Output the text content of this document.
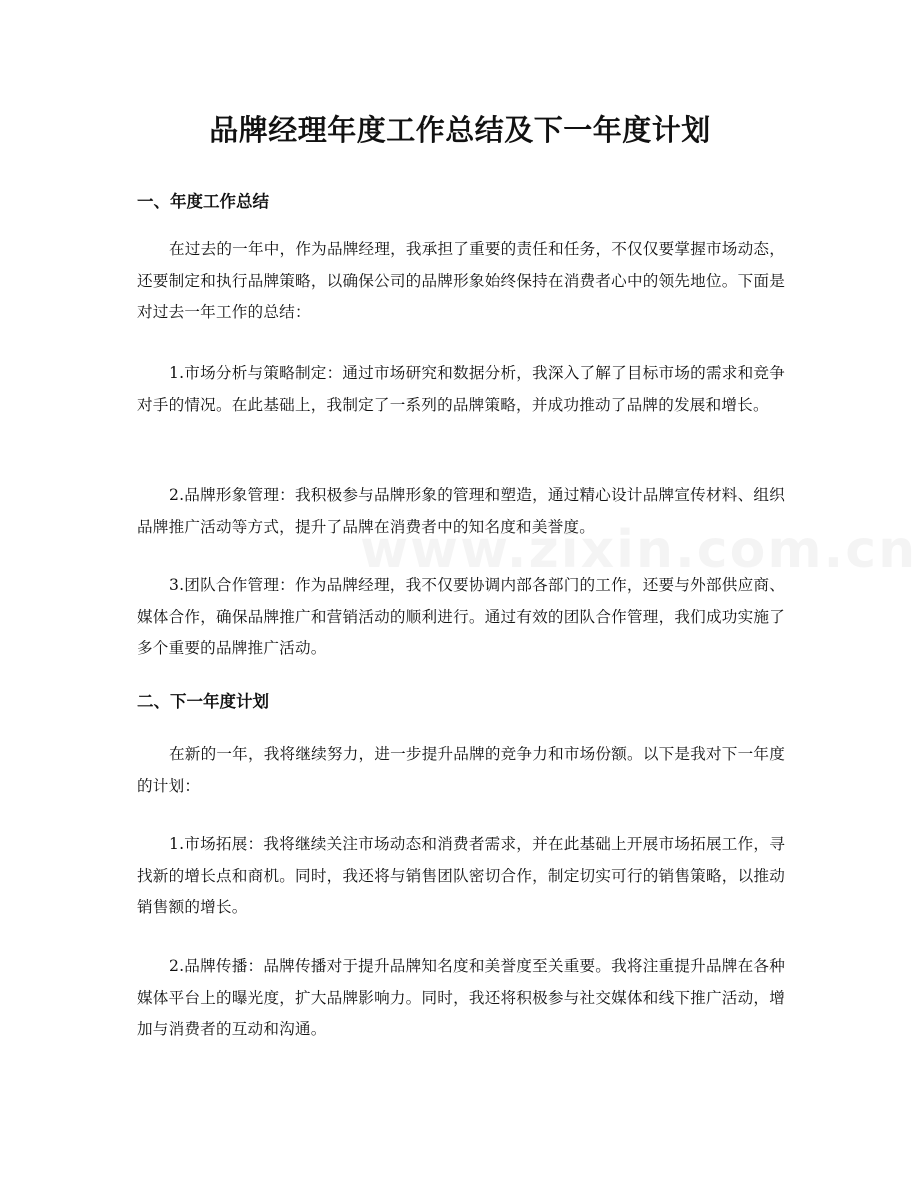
品牌经理年度工作总结及下一年度计划
一、年度工作总结
在过去的一年中，作为品牌经理，我承担了重要的责任和任务，不仅仅要掌握市场动态，还要制定和执行品牌策略，以确保公司的品牌形象始终保持在消费者心中的领先地位。下面是对过去一年工作的总结：
1.市场分析与策略制定：通过市场研究和数据分析，我深入了解了目标市场的需求和竞争对手的情况。在此基础上，我制定了一系列的品牌策略，并成功推动了品牌的发展和增长。
2.品牌形象管理：我积极参与品牌形象的管理和塑造，通过精心设计品牌宣传材料、组织品牌推广活动等方式，提升了品牌在消费者中的知名度和美誉度。
3.团队合作管理：作为品牌经理，我不仅要协调内部各部门的工作，还要与外部供应商、媒体合作，确保品牌推广和营销活动的顺利进行。通过有效的团队合作管理，我们成功实施了多个重要的品牌推广活动。
二、下一年度计划
在新的一年，我将继续努力，进一步提升品牌的竞争力和市场份额。以下是我对下一年度的计划：
1.市场拓展：我将继续关注市场动态和消费者需求，并在此基础上开展市场拓展工作，寻找新的增长点和商机。同时，我还将与销售团队密切合作，制定切实可行的销售策略，以推动销售额的增长。
2.品牌传播：品牌传播对于提升品牌知名度和美誉度至关重要。我将注重提升品牌在各种媒体平台上的曝光度，扩大品牌影响力。同时，我还将积极参与社交媒体和线下推广活动，增加与消费者的互动和沟通。
